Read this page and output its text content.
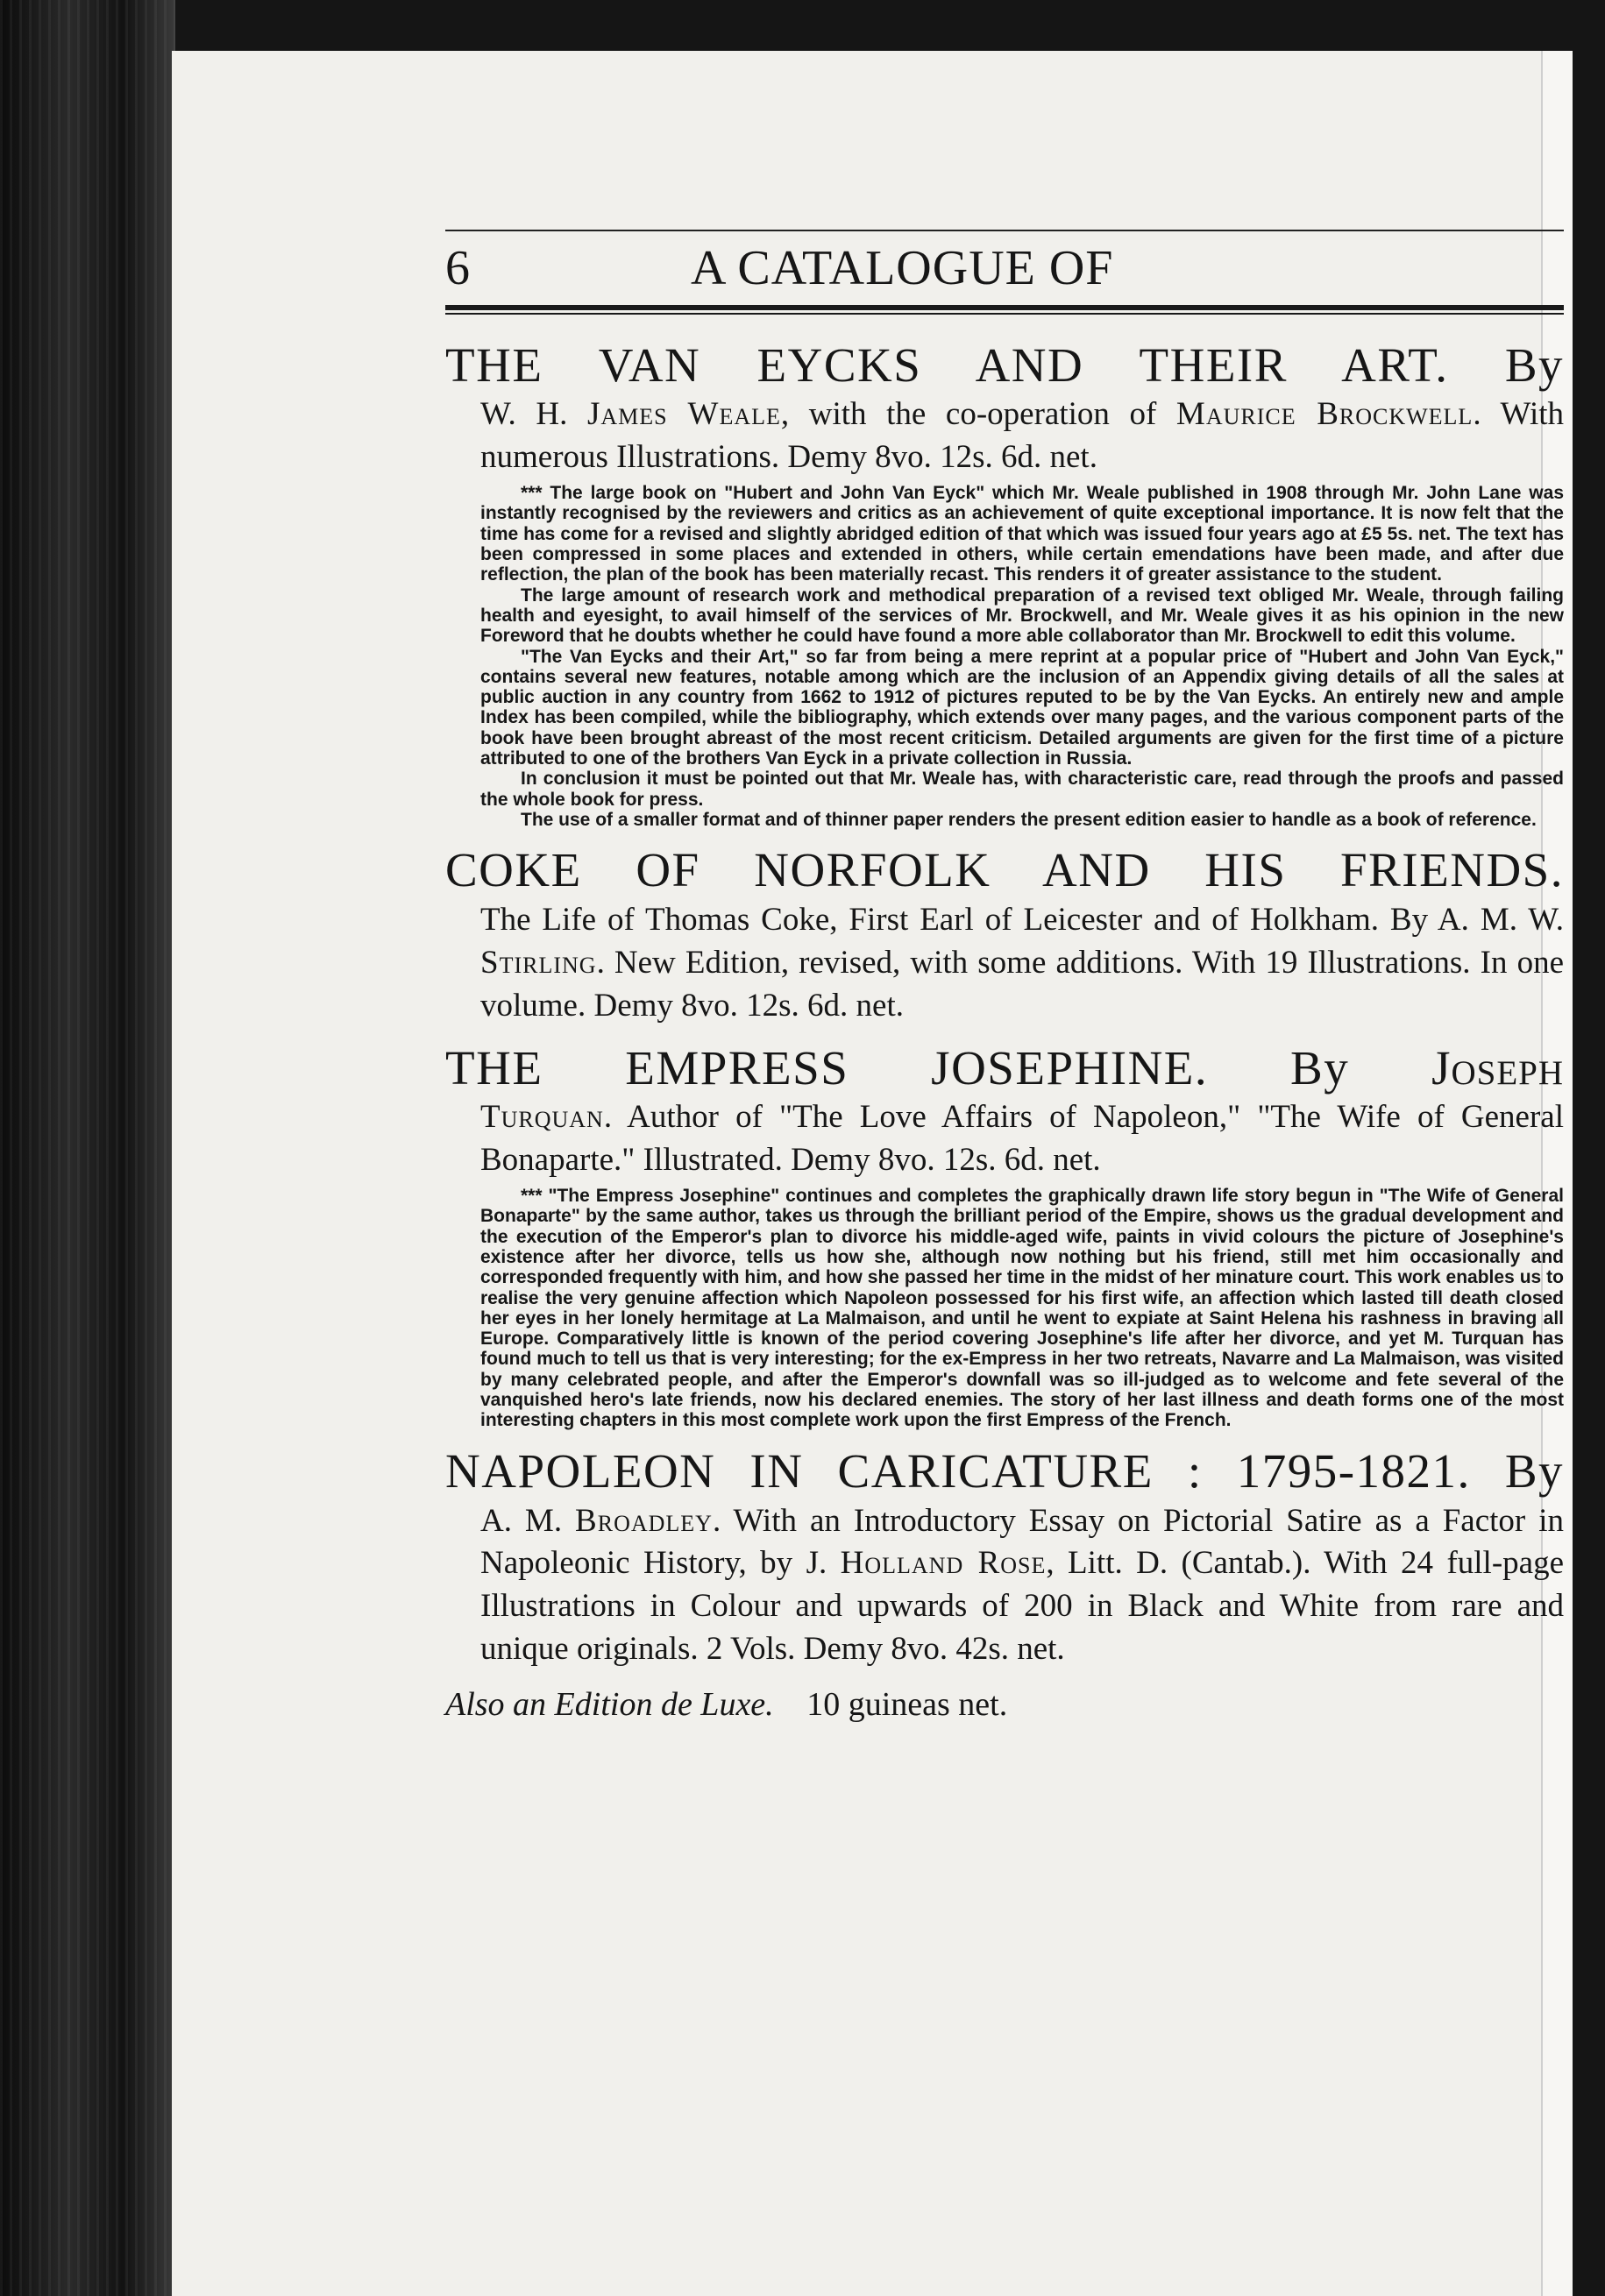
6	A CATALOGUE OF
THE VAN EYCKS AND THEIR ART. By
W. H. James Weale, with the co-operation of Maurice Brockwell. With numerous Illustrations. Demy 8vo. 12s. 6d. net.

*** The large book on "Hubert and John Van Eyck" which Mr. Weale published in 1908 through Mr. John Lane was instantly recognised by the reviewers and critics as an achievement of quite exceptional importance. It is now felt that the time has come for a revised and slightly abridged edition of that which was issued four years ago at £5 5s. net. The text has been compressed in some places and extended in others, while certain emendations have been made, and after due reflection, the plan of the book has been materially recast. This renders it of greater assistance to the student.

The large amount of research work and methodical preparation of a revised text obliged Mr. Weale, through failing health and eyesight, to avail himself of the services of Mr. Brockwell, and Mr. Weale gives it as his opinion in the new Foreword that he doubts whether he could have found a more able collaborator than Mr. Brockwell to edit this volume.

"The Van Eycks and their Art," so far from being a mere reprint at a popular price of "Hubert and John Van Eyck," contains several new features, notable among which are the inclusion of an Appendix giving details of all the sales at public auction in any country from 1662 to 1912 of pictures reputed to be by the Van Eycks. An entirely new and ample Index has been compiled, while the bibliography, which extends over many pages, and the various component parts of the book have been brought abreast of the most recent criticism. Detailed arguments are given for the first time of a picture attributed to one of the brothers Van Eyck in a private collection in Russia.

In conclusion it must be pointed out that Mr. Weale has, with characteristic care, read through the proofs and passed the whole book for press.

The use of a smaller format and of thinner paper renders the present edition easier to handle as a book of reference.

COKE OF NORFOLK AND HIS FRIENDS.
The Life of Thomas Coke, First Earl of Leicester and of Holkham. By A. M. W. Stirling. New Edition, revised, with some additions. With 19 Illustrations. In one volume. Demy 8vo. 12s. 6d. net.
THE EMPRESS JOSEPHINE. By Joseph
Turquan. Author of "The Love Affairs of Napoleon," "The Wife of General Bonaparte." Illustrated. Demy 8vo. 12s. 6d. net.

*** "The Empress Josephine" continues and completes the graphically drawn life story begun in "The Wife of General Bonaparte" by the same author, takes us through the brilliant period of the Empire, shows us the gradual development and the execution of the Emperor's plan to divorce his middle-aged wife, paints in vivid colours the picture of Josephine's existence after her divorce, tells us how she, although now nothing but his friend, still met him occasionally and corresponded frequently with him, and how she passed her time in the midst of her minature court. This work enables us to realise the very genuine affection which Napoleon possessed for his first wife, an affection which lasted till death closed her eyes in her lonely hermitage at La Malmaison, and until he went to expiate at Saint Helena his rashness in braving all Europe. Comparatively little is known of the period covering Josephine's life after her divorce, and yet M. Turquan has found much to tell us that is very interesting; for the ex-Empress in her two retreats, Navarre and La Malmaison, was visited by many celebrated people, and after the Emperor's downfall was so ill-judged as to welcome and fete several of the vanquished hero's late friends, now his declared enemies. The story of her last illness and death forms one of the most interesting chapters in this most complete work upon the first Empress of the French.

NAPOLEON IN CARICATURE : 1795-1821. By
A. M. Broadley. With an Introductory Essay on Pictorial Satire as a Factor in Napoleonic History, by J. Holland Rose, Litt. D. (Cantab.). With 24 full-page Illustrations in Colour and upwards of 200 in Black and White from rare and unique originals. 2 Vols. Demy 8vo. 42s. net.
Also an Edition de Luxe. 10 guineas net.
